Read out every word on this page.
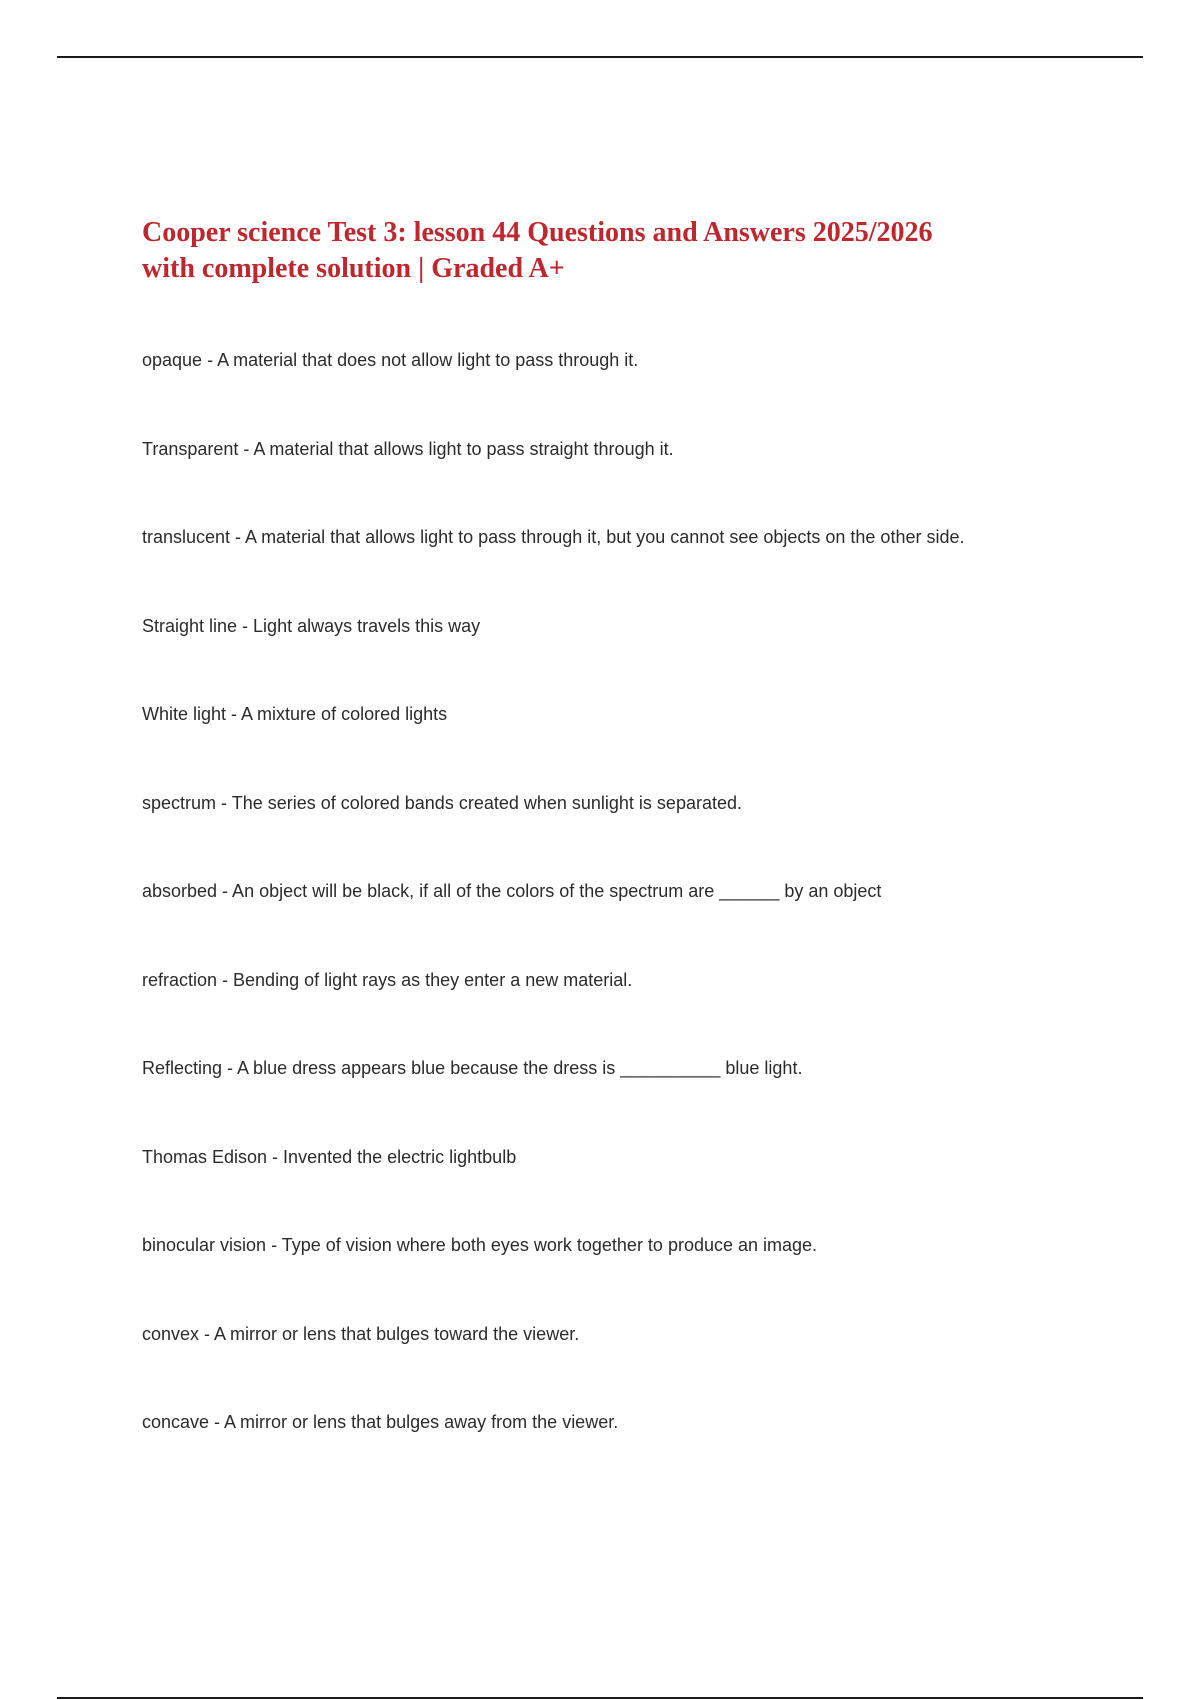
Cooper science Test 3: lesson 44 Questions and Answers 2025/2026
with complete solution | Graded A+
opaque - A material that does not allow light to pass through it.
Transparent - A material that allows light to pass straight through it.
translucent - A material that allows light to pass through it, but you cannot see objects on the other side.
Straight line - Light always travels this way
White light - A mixture of colored lights
spectrum - The series of colored bands created when sunlight is separated.
absorbed - An object will be black, if all of the colors of the spectrum are ______ by an object
refraction - Bending of light rays as they enter a new material.
Reflecting - A blue dress appears blue because the dress is __________ blue light.
Thomas Edison - Invented the electric lightbulb
binocular vision - Type of vision where both eyes work together to produce an image.
convex - A mirror or lens that bulges toward the viewer.
concave - A mirror or lens that bulges away from the viewer.
